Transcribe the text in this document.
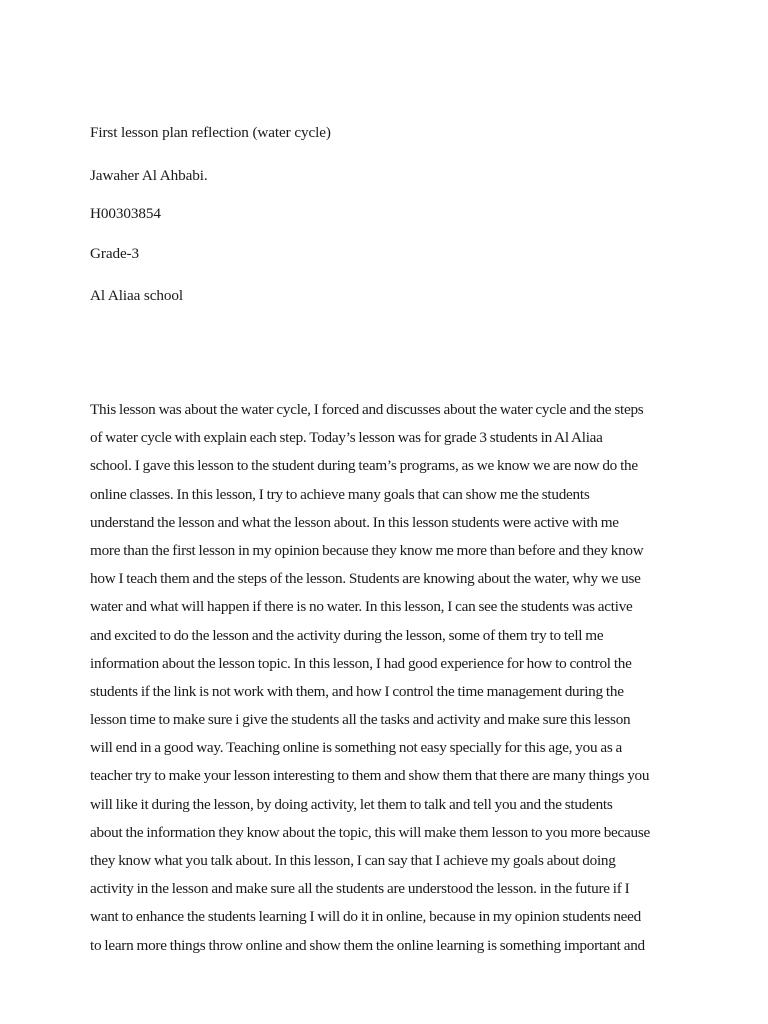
First lesson plan reflection (water cycle)
Jawaher Al Ahbabi.
H00303854
Grade-3
Al Aliaa school
This lesson was about the water cycle, I forced and discusses about the water cycle and the steps
of water cycle with explain each step. Today’s lesson was for grade 3 students in Al Aliaa
school. I gave this lesson to the student during team’s programs, as we know we are now do the
online classes. In this lesson, I try to achieve many goals that can show me the students
understand the lesson and what the lesson about. In this lesson students were active with me
more than the first lesson in my opinion because they know me more than before and they know
how I teach them and the steps of the lesson. Students are knowing about the water, why we use
water and what will happen if there is no water. In this lesson, I can see the students was active
and excited to do the lesson and the activity during the lesson, some of them try to tell me
information about the lesson topic. In this lesson, I had good experience for how to control the
students if the link is not work with them, and how I control the time management during the
lesson time to make sure i give the students all the tasks and activity and make sure this lesson
will end in a good way. Teaching online is something not easy specially for this age, you as a
teacher try to make your lesson interesting to them and show them that there are many things you
will like it during the lesson, by doing activity, let them to talk and tell you and the students
about the information they know about the topic, this will make them lesson to you more because
they know what you talk about. In this lesson, I can say that I achieve my goals about doing
activity in the lesson and make sure all the students are understood the lesson. in the future if I
want to enhance the students learning I will do it in online, because in my opinion students need
to learn more things throw online and show them the online learning is something important and
